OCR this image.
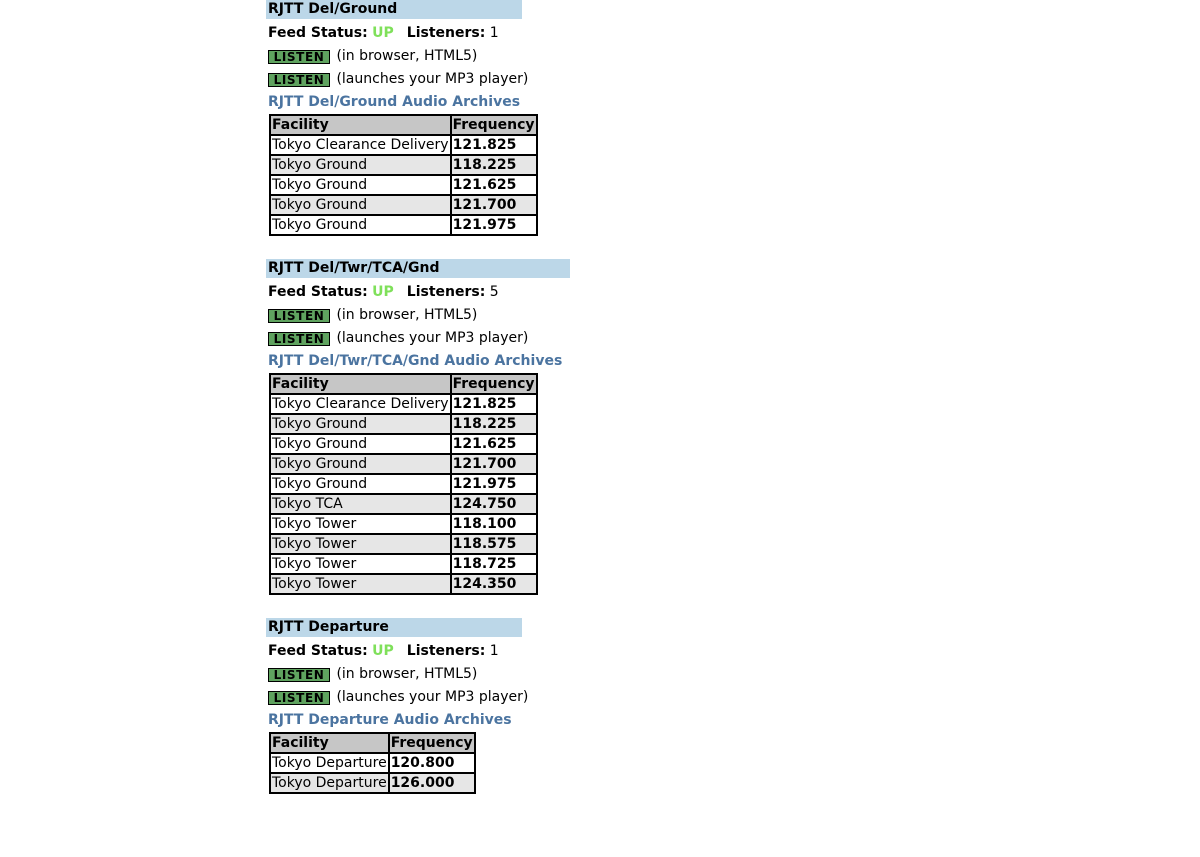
RJTT Del/Ground
Feed Status: UP Listeners: 1
LISTEN (in browser, HTML5)
LISTEN (launches your MP3 player)
RJTT Del/Ground Audio Archives
Facility	Frequency
Tokyo Clearance Delivery	121.825
Tokyo Ground	118.225
Tokyo Ground	121.625
Tokyo Ground	121.700
Tokyo Ground	121.975
RJTT Del/Twr/TCA/Gnd
Feed Status: UP Listeners: 5
LISTEN (in browser, HTML5)
LISTEN (launches your MP3 player)
RJTT Del/Twr/TCA/Gnd Audio Archives
Facility	Frequency
Tokyo Clearance Delivery	121.825
Tokyo Ground	118.225
Tokyo Ground	121.625
Tokyo Ground	121.700
Tokyo Ground	121.975
Tokyo TCA	124.750
Tokyo Tower	118.100
Tokyo Tower	118.575
Tokyo Tower	118.725
Tokyo Tower	124.350
RJTT Departure
Feed Status: UP Listeners: 1
LISTEN (in browser, HTML5)
LISTEN (launches your MP3 player)
RJTT Departure Audio Archives
Facility	Frequency
Tokyo Departure	120.800
Tokyo Departure	126.000
